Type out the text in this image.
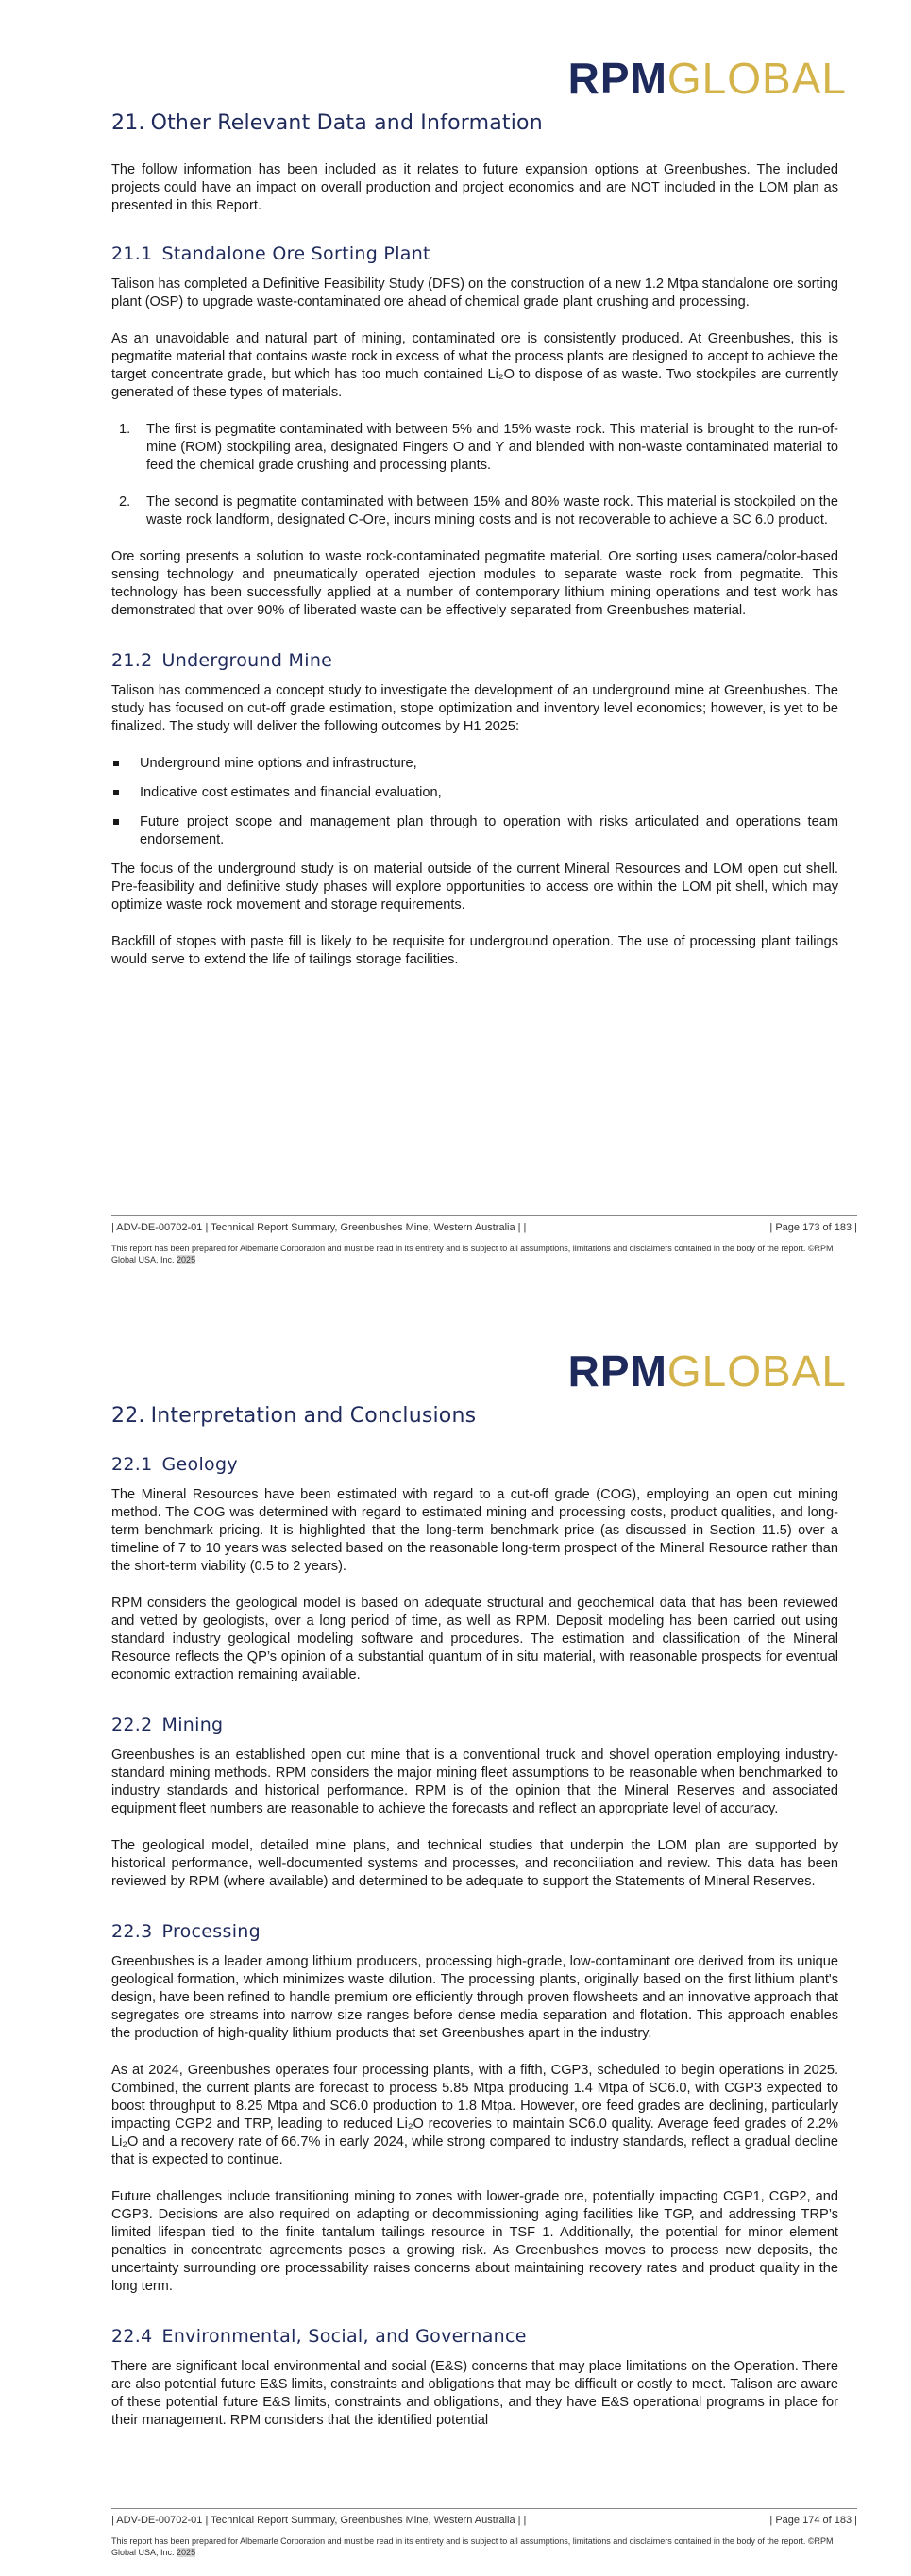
RPMGLOBAL
21. Other Relevant Data and Information

The follow information has been included as it relates to future expansion options at Greenbushes. The included projects could have an impact on overall production and project economics and are NOT included in the LOM plan as presented in this Report.

21.1 Standalone Ore Sorting Plant

Talison has completed a Definitive Feasibility Study (DFS) on the construction of a new 1.2 Mtpa standalone ore sorting plant (OSP) to upgrade waste-contaminated ore ahead of chemical grade plant crushing and processing.

As an unavoidable and natural part of mining, contaminated ore is consistently produced. At Greenbushes, this is pegmatite material that contains waste rock in excess of what the process plants are designed to accept to achieve the target concentrate grade, but which has too much contained Li₂O to dispose of as waste. Two stockpiles are currently generated of these types of materials.

1. The first is pegmatite contaminated with between 5% and 15% waste rock. This material is brought to the run-of-mine (ROM) stockpiling area, designated Fingers O and Y and blended with non-waste contaminated material to feed the chemical grade crushing and processing plants.
2. The second is pegmatite contaminated with between 15% and 80% waste rock. This material is stockpiled on the waste rock landform, designated C-Ore, incurs mining costs and is not recoverable to achieve a SC 6.0 product.

Ore sorting presents a solution to waste rock-contaminated pegmatite material. Ore sorting uses camera/color-based sensing technology and pneumatically operated ejection modules to separate waste rock from pegmatite. This technology has been successfully applied at a number of contemporary lithium mining operations and test work has demonstrated that over 90% of liberated waste can be effectively separated from Greenbushes material.

21.2 Underground Mine

Talison has commenced a concept study to investigate the development of an underground mine at Greenbushes. The study has focused on cut-off grade estimation, stope optimization and inventory level economics; however, is yet to be finalized. The study will deliver the following outcomes by H1 2025:

Underground mine options and infrastructure,
Indicative cost estimates and financial evaluation,
Future project scope and management plan through to operation with risks articulated and operations team endorsement.

The focus of the underground study is on material outside of the current Mineral Resources and LOM open cut shell. Pre-feasibility and definitive study phases will explore opportunities to access ore within the LOM pit shell, which may optimize waste rock movement and storage requirements.

Backfill of stopes with paste fill is likely to be requisite for underground operation. The use of processing plant tailings would serve to extend the life of tailings storage facilities.

| ADV-DE-00702-01 | Technical Report Summary, Greenbushes Mine, Western Australia | |	| Page 173 of 183 |
This report has been prepared for Albemarle Corporation and must be read in its entirety and is subject to all assumptions, limitations and disclaimers contained in the body of the report. ©RPM Global USA, Inc. 2025
RPMGLOBAL
22. Interpretation and Conclusions
22.1 Geology

The Mineral Resources have been estimated with regard to a cut-off grade (COG), employing an open cut mining method. The COG was determined with regard to estimated mining and processing costs, product qualities, and long-term benchmark pricing. It is highlighted that the long-term benchmark price (as discussed in Section 11.5) over a timeline of 7 to 10 years was selected based on the reasonable long-term prospect of the Mineral Resource rather than the short-term viability (0.5 to 2 years).

RPM considers the geological model is based on adequate structural and geochemical data that has been reviewed and vetted by geologists, over a long period of time, as well as RPM. Deposit modeling has been carried out using standard industry geological modeling software and procedures. The estimation and classification of the Mineral Resource reflects the QP’s opinion of a substantial quantum of in situ material, with reasonable prospects for eventual economic extraction remaining available.

22.2 Mining

Greenbushes is an established open cut mine that is a conventional truck and shovel operation employing industry-standard mining methods. RPM considers the major mining fleet assumptions to be reasonable when benchmarked to industry standards and historical performance. RPM is of the opinion that the Mineral Reserves and associated equipment fleet numbers are reasonable to achieve the forecasts and reflect an appropriate level of accuracy.

The geological model, detailed mine plans, and technical studies that underpin the LOM plan are supported by historical performance, well-documented systems and processes, and reconciliation and review. This data has been reviewed by RPM (where available) and determined to be adequate to support the Statements of Mineral Reserves.

22.3 Processing

Greenbushes is a leader among lithium producers, processing high-grade, low-contaminant ore derived from its unique geological formation, which minimizes waste dilution. The processing plants, originally based on the first lithium plant's design, have been refined to handle premium ore efficiently through proven flowsheets and an innovative approach that segregates ore streams into narrow size ranges before dense media separation and flotation. This approach enables the production of high-quality lithium products that set Greenbushes apart in the industry.

As at 2024, Greenbushes operates four processing plants, with a fifth, CGP3, scheduled to begin operations in 2025. Combined, the current plants are forecast to process 5.85 Mtpa producing 1.4 Mtpa of SC6.0, with CGP3 expected to boost throughput to 8.25 Mtpa and SC6.0 production to 1.8 Mtpa. However, ore feed grades are declining, particularly impacting CGP2 and TRP, leading to reduced Li₂O recoveries to maintain SC6.0 quality. Average feed grades of 2.2% Li₂O and a recovery rate of 66.7% in early 2024, while strong compared to industry standards, reflect a gradual decline that is expected to continue.

Future challenges include transitioning mining to zones with lower-grade ore, potentially impacting CGP1, CGP2, and CGP3. Decisions are also required on adapting or decommissioning aging facilities like TGP, and addressing TRP’s limited lifespan tied to the finite tantalum tailings resource in TSF 1. Additionally, the potential for minor element penalties in concentrate agreements poses a growing risk. As Greenbushes moves to process new deposits, the uncertainty surrounding ore processability raises concerns about maintaining recovery rates and product quality in the long term.

22.4 Environmental, Social, and Governance

There are significant local environmental and social (E&S) concerns that may place limitations on the Operation. There are also potential future E&S limits, constraints and obligations that may be difficult or costly to meet. Talison are aware of these potential future E&S limits, constraints and obligations, and they have E&S operational programs in place for their management. RPM considers that the identified potential

| ADV-DE-00702-01 | Technical Report Summary, Greenbushes Mine, Western Australia | |	| Page 174 of 183 |
This report has been prepared for Albemarle Corporation and must be read in its entirety and is subject to all assumptions, limitations and disclaimers contained in the body of the report. ©RPM Global USA, Inc. 2025
